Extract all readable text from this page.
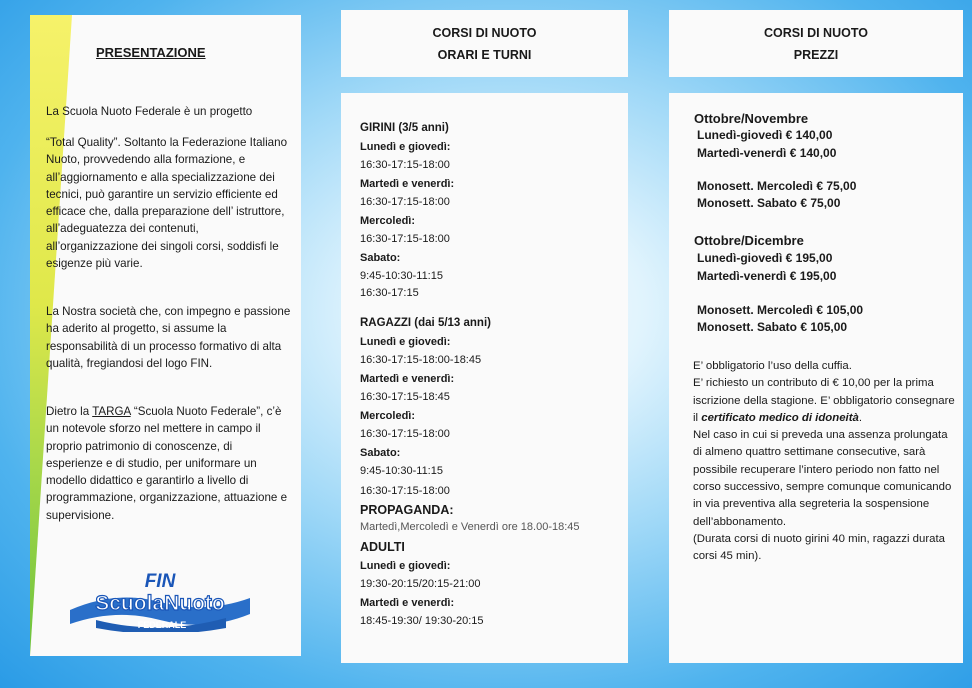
PRESENTAZIONE

La Scuola Nuoto Federale è un progetto

“Total Quality”. Soltanto la Federazione Italiano Nuoto, provvedendo alla formazione, e all’aggiornamento e alla specializzazione dei tecnici, può garantire un servizio efficiente ed efficace che, dalla preparazione dell’ istruttore, all’adeguatezza dei contenuti, all’organizzazione dei singoli corsi, soddisfi le esigenze più varie.

La Nostra società che, con impegno e passione ha aderito al progetto, si assume la responsabilità di un processo formativo di alta qualità, fregiandosi del logo FIN.

Dietro la TARGA “Scuola Nuoto Federale”, c’è un notevole sforzo nel mettere in campo il proprio patrimonio di conoscenze, di esperienze e di studio, per uniformare un modello didattico e garantirlo a livello di programmazione, organizzazione, attuazione e supervisione.

FIN
ScuolaNuoto
FEDERALE
CORSI DI NUOTO
ORARI E TURNI
GIRINI (3/5 anni)
Lunedì e giovedì:
16:30-17:15-18:00
Martedì e venerdì:
16:30-17:15-18:00
Mercoledì:
16:30-17:15-18:00
Sabato:
9:45-10:30-11:15
16:30-17:15
RAGAZZI (dai 5/13 anni)
Lunedì e giovedì:
16:30-17:15-18:00-18:45
Martedì e venerdì:
16:30-17:15-18:45
Mercoledì:
16:30-17:15-18:00
Sabato:
9:45-10:30-11:15
16:30-17:15-18:00
PROPAGANDA:
Martedì,Mercoledì e Venerdì ore 18.00-18:45
ADULTI
Lunedì e giovedì:
19:30-20:15/20:15-21:00
Martedì e venerdì:
18:45-19:30/ 19:30-20:15
CORSI DI NUOTO
PREZZI
Ottobre/Novembre
Lunedì-giovedì € 140,00
Martedì-venerdì € 140,00
Monosett. Mercoledì € 75,00
Monosett. Sabato € 75,00
Ottobre/Dicembre
Lunedì-giovedì € 195,00
Martedì-venerdì € 195,00
Monosett. Mercoledì € 105,00
Monosett. Sabato € 105,00

E’ obbligatorio l’uso della cuffia.

E’ richiesto un contributo di € 10,00 per la prima iscrizione della stagione. E’ obbligatorio consegnare il certificato medico di idoneità.

Nel caso in cui si preveda una assenza prolungata di almeno quattro settimane consecutive, sarà possibile recuperare l’intero periodo non fatto nel corso successivo, sempre comunque comunicando in via preventiva alla segreteria la sospensione dell’abbonamento.

(Durata corsi di nuoto girini 40 min, ragazzi durata corsi 45 min).
